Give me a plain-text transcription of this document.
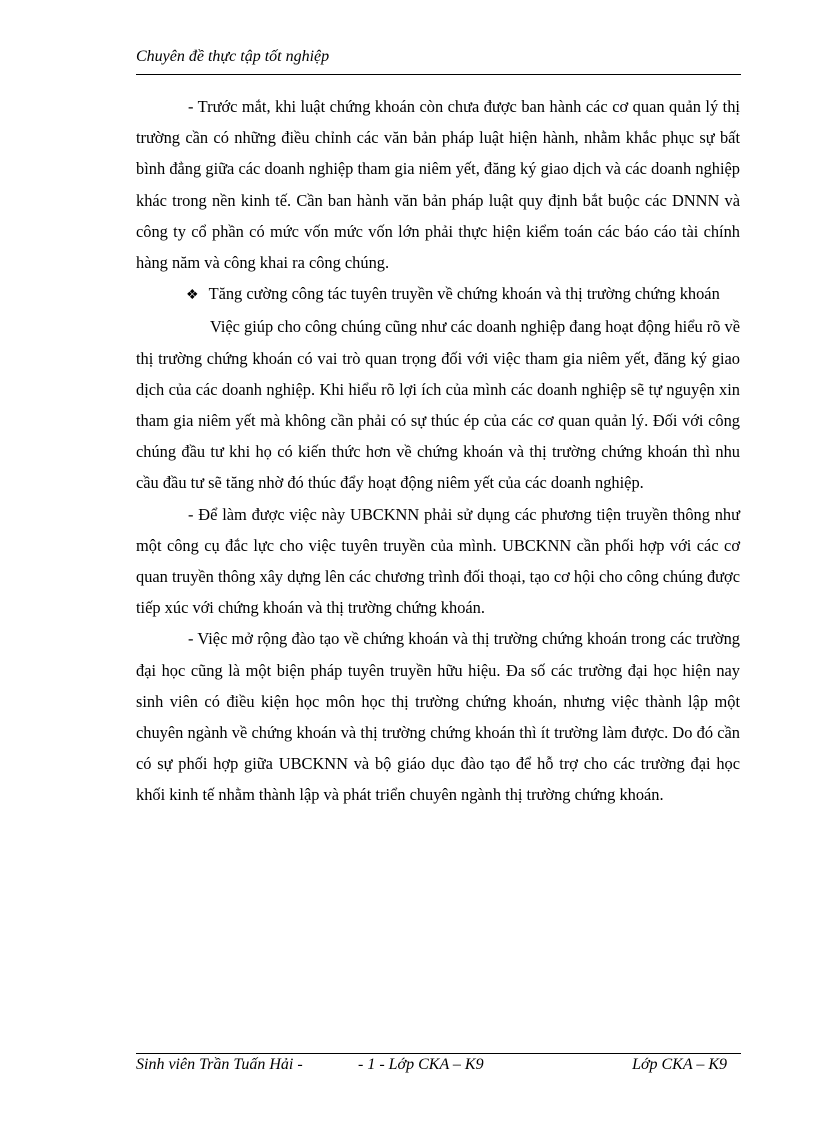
Chuyên đề thực tập tốt nghiệp

- Trước mắt, khi luật chứng khoán còn chưa được ban hành các cơ quan quản lý thị trường cần có những điều chỉnh các văn bản pháp luật hiện hành, nhằm khắc phục sự bất bình đẳng giữa các doanh nghiệp tham gia niêm yết, đăng ký giao dịch và các doanh nghiệp khác trong nền kinh tế. Cần ban hành văn bản pháp luật quy định bắt buộc các DNNN và công ty cổ phần có mức vốn mức vốn lớn phải thực hiện kiểm toán các báo cáo tài chính hàng năm và công khai ra công chúng.

❖ Tăng cường công tác tuyên truyền về chứng khoán và thị trường chứng khoán

Việc giúp cho công chúng cũng như các doanh nghiệp đang hoạt động hiểu rõ về thị trường chứng khoán có vai trò quan trọng đối với việc tham gia niêm yết, đăng ký giao dịch của các doanh nghiệp. Khi hiểu rõ lợi ích của mình các doanh nghiệp sẽ tự nguyện xin tham gia niêm yết mà không cần phải có sự thúc ép của các cơ quan quản lý. Đối với công chúng đầu tư khi họ có kiến thức hơn về chứng khoán và thị trường chứng khoán thì nhu cầu đầu tư sẽ tăng nhờ đó thúc đẩy hoạt động niêm yết của các doanh nghiệp.

- Để làm được việc này UBCKNN phải sử dụng các phương tiện truyền thông như một công cụ đắc lực cho việc tuyên truyền của mình. UBCKNN cần phối hợp với các cơ quan truyền thông xây dựng lên các chương trình đối thoại, tạo cơ hội cho công chúng được tiếp xúc với chứng khoán và thị trường chứng khoán.

- Việc mở rộng đào tạo về chứng khoán và thị trường chứng khoán trong các trường đại học cũng là một biện pháp tuyên truyền hữu hiệu. Đa số các trường đại học hiện nay sinh viên có điều kiện học môn học thị trường chứng khoán, nhưng việc thành lập một chuyên ngành về chứng khoán và thị trường chứng khoán thì ít trường làm được. Do đó cần có sự phối hợp giữa UBCKNN và bộ giáo dục đào tạo để hỗ trợ cho các trường đại học khối kinh tế nhằm thành lập và phát triển chuyên ngành thị trường chứng khoán.

Sinh viên Trần Tuấn Hải -	- 1 - Lớp CKA – K9	Lớp CKA – K9
